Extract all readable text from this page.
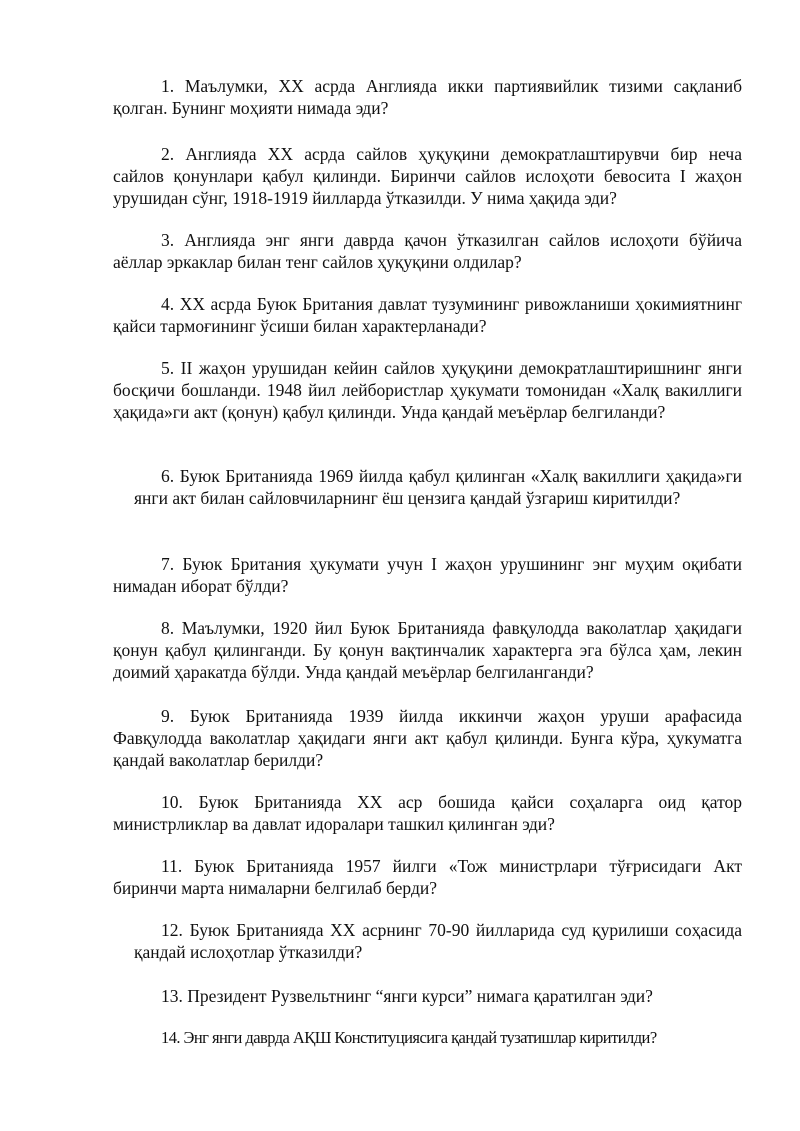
1. Маълумки, ХХ асрда Англияда икки партиявийлик тизими сақланиб қолган. Бунинг моҳияти нимада эди?

2. Англияда ХХ асрда сайлов ҳуқуқини демократлаштирувчи бир неча сайлов қонунлари қабул қилинди. Биринчи сайлов ислоҳоти бевосита I жаҳон урушидан сўнг, 1918-1919 йилларда ўтказилди. У нима ҳақида эди?

3. Англияда энг янги даврда қачон ўтказилган сайлов ислоҳоти бўйича аёллар эркаклар билан тенг сайлов ҳуқуқини олдилар?

4. ХХ асрда Буюк Британия давлат тузумининг ривожланиши ҳокимиятнинг қайси тармоғининг ўсиши билан характерланади?

5. II жаҳон урушидан кейин сайлов ҳуқуқини демократлаштиришнинг янги босқичи бошланди. 1948 йил лейбористлар ҳукумати томонидан «Халқ вакиллиги ҳақида»ги акт (қонун) қабул қилинди. Унда қандай меъёрлар белгиланди?

6. Буюк Британияда 1969 йилда қабул қилинган «Халқ вакиллиги ҳақида»ги янги акт билан сайловчиларнинг ёш цензига қандай ўзгариш киритилди?

7. Буюк Британия ҳукумати учун I жаҳон урушининг энг муҳим оқибати нимадан иборат бўлди?

8. Маълумки, 1920 йил Буюк Британияда фавқулодда ваколатлар ҳақидаги қонун қабул қилинганди. Бу қонун вақтинчалик характерга эга бўлса ҳам, лекин доимий ҳаракатда бўлди. Унда қандай меъёрлар белгиланганди?

9. Буюк Британияда 1939 йилда иккинчи жаҳон уруши арафасида Фавқулодда ваколатлар ҳақидаги янги акт қабул қилинди. Бунга кўра, ҳукуматга қандай ваколатлар берилди?

10. Буюк Британияда ХХ аср бошида қайси соҳаларга оид қатор министрликлар ва давлат идоралари ташкил қилинган эди?

11. Буюк Британияда 1957 йилги «Тож министрлари тўғрисидаги Акт биринчи марта нималарни белгилаб берди?

12. Буюк Британияда ХХ асрнинг 70-90 йилларида суд қурилиши соҳасида қандай ислоҳотлар ўтказилди?

13. Президент Рузвельтнинг “янги курси” нимага қаратилган эди?

14. Энг янги даврда АҚШ Конституциясига қандай тузатишлар киритилди?
